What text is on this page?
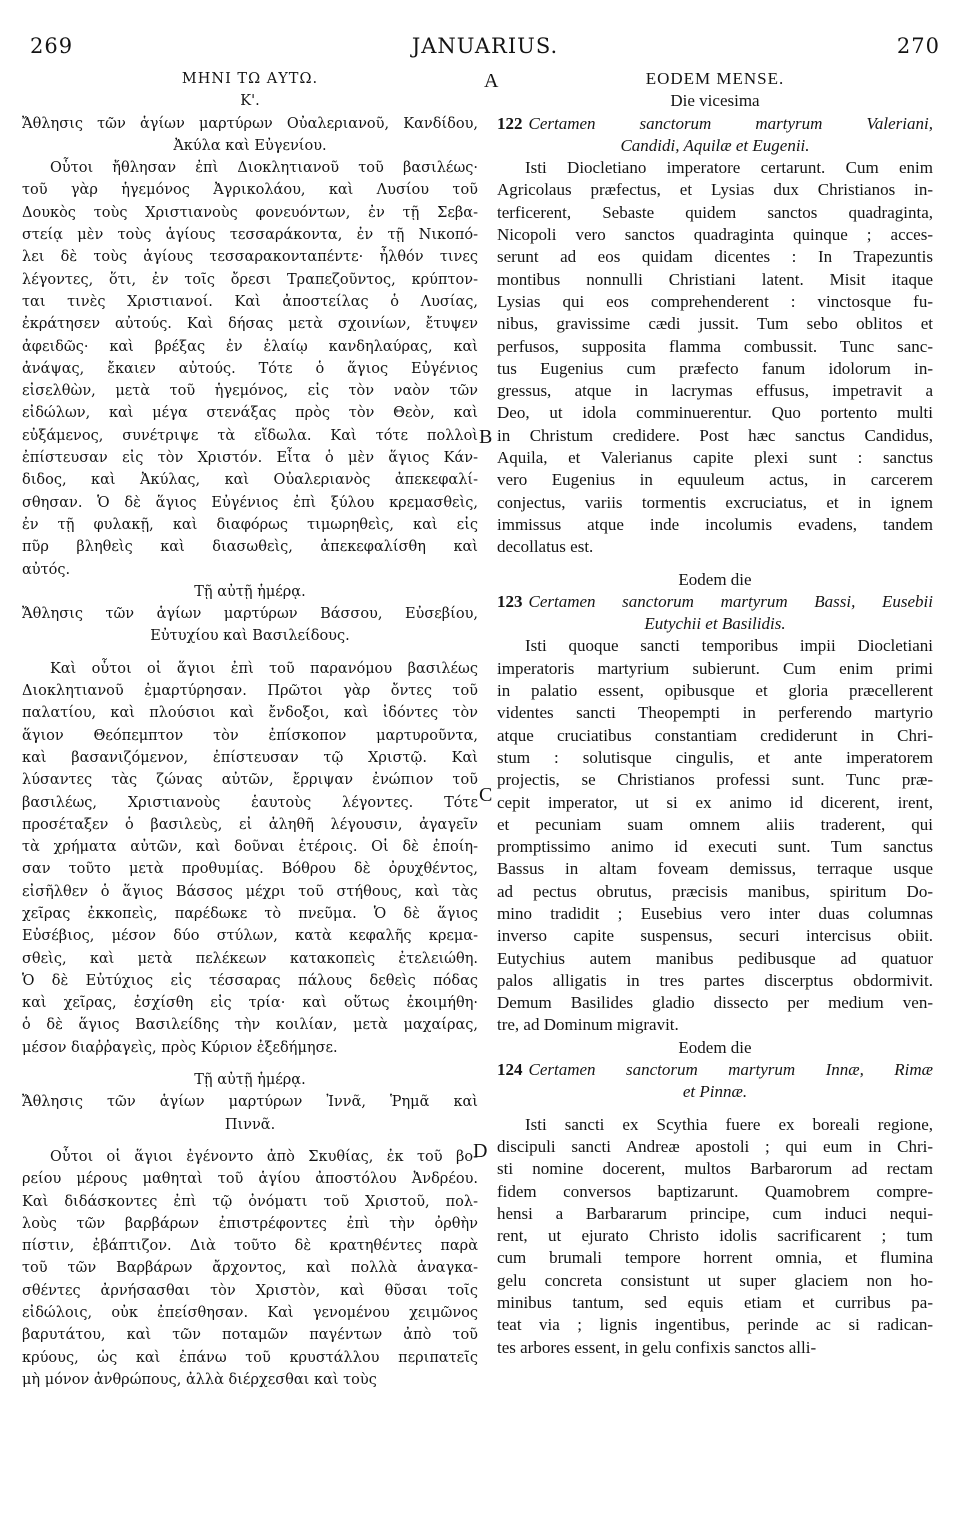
269	JANUARIUS.	270
A
B
C
D
ΜΗΝΙ ΤΩ ΑΥΤΩ.
Κ'.
Ἄθλησις τῶν ἁγίων μαρτύρων Οὐαλεριανοῦ, Κανδίδου,
Ἀκύλα καὶ Εὐγενίου.
Οὗτοι ἤθλησαν ἐπὶ Διοκλητιανοῦ τοῦ βασιλέως·
τοῦ γὰρ ἡγεμόνος Ἀγρικολάου, καὶ Λυσίου τοῦ
Δουκὸς τοὺς Χριστιανοὺς φονευόντων, ἐν τῇ Σεβα-
στείᾳ μὲν τοὺς ἁγίους τεσσαράκοντα, ἐν τῇ Νικοπό-
λει δὲ τοὺς ἁγίους τεσσαρακονταπέντε· ἦλθόν τινες
λέγοντες, ὅτι, ἐν τοῖς ὄρεσι Τραπεζοῦντος, κρύπτον-
ται τινὲς Χριστιανοί. Καὶ ἀποστείλας ὁ Λυσίας,
ἐκράτησεν αὐτούς. Καὶ δήσας μετὰ σχοινίων, ἔτυψεν
ἀφειδῶς· καὶ βρέξας ἐν ἐλαίῳ κανδηλαύρας, καὶ
ἀνάψας, ἔκαιεν αὐτούς. Τότε ὁ ἅγιος Εὐγένιος
εἰσελθὼν, μετὰ τοῦ ἡγεμόνος, εἰς τὸν ναὸν τῶν
εἰδώλων, καὶ μέγα στενάξας πρὸς τὸν Θεὸν, καὶ
εὐξάμενος, συνέτριψε τὰ εἴδωλα. Καὶ τότε πολλοὶ
ἐπίστευσαν εἰς τὸν Χριστόν. Εἶτα ὁ μὲν ἅγιος Κάν-
διδος, καὶ Ἀκύλας, καὶ Οὐαλεριανὸς ἀπεκεφαλί-
σθησαν. Ὁ δὲ ἅγιος Εὐγένιος ἐπὶ ξύλου κρεμασθεὶς,
ἐν τῇ φυλακῇ, καὶ διαφόρως τιμωρηθεὶς, καὶ εἰς
πῦρ βληθεὶς καὶ διασωθεὶς, ἀπεκεφαλίσθη καὶ
αὐτός.
Τῇ αὐτῇ ἡμέρᾳ.
Ἄθλησις τῶν ἁγίων μαρτύρων Βάσσου, Εὐσεβίου,
Εὐτυχίου καὶ Βασιλείδους.
Καὶ οὗτοι οἱ ἅγιοι ἐπὶ τοῦ παρανόμου βασιλέως
Διοκλητιανοῦ ἐμαρτύρησαν. Πρῶτοι γὰρ ὄντες τοῦ
παλατίου, καὶ πλούσιοι καὶ ἔνδοξοι, καὶ ἰδόντες τὸν
ἅγιον Θεόπεμπτον τὸν ἐπίσκοπον μαρτυροῦντα,
καὶ βασανιζόμενον, ἐπίστευσαν τῷ Χριστῷ. Καὶ
λύσαντες τὰς ζώνας αὐτῶν, ἔρριψαν ἐνώπιον τοῦ
βασιλέως, Χριστιανοὺς ἑαυτοὺς λέγοντες. Τότε
προσέταξεν ὁ βασιλεὺς, εἰ ἀληθῆ λέγουσιν, ἀγαγεῖν
τὰ χρήματα αὐτῶν, καὶ δοῦναι ἑτέροις. Οἱ δὲ ἐποίη-
σαν τοῦτο μετὰ προθυμίας. Βόθρου δὲ ὀρυχθέντος,
εἰσῆλθεν ὁ ἅγιος Βάσσος μέχρι τοῦ στήθους, καὶ τὰς
χεῖρας ἐκκοπεὶς, παρέδωκε τὸ πνεῦμα. Ὁ δὲ ἅγιος
Εὐσέβιος, μέσον δύο στύλων, κατὰ κεφαλῆς κρεμα-
σθεὶς, καὶ μετὰ πελέκεων κατακοπεὶς ἐτελειώθη.
Ὁ δὲ Εὐτύχιος εἰς τέσσαρας πάλους δεθεὶς πόδας
καὶ χεῖρας, ἐσχίσθη εἰς τρία· καὶ οὕτως ἐκοιμήθη·
ὁ δὲ ἅγιος Βασιλείδης τὴν κοιλίαν, μετὰ μαχαίρας,
μέσον διαῤῥαγεὶς, πρὸς Κύριον ἐξεδήμησε.
Τῇ αὐτῇ ἡμέρᾳ.
Ἄθλησις τῶν ἁγίων μαρτύρων Ἰννᾶ, Ῥημᾶ καὶ
Πιννᾶ.
Οὗτοι οἱ ἅγιοι ἐγένοντο ἀπὸ Σκυθίας, ἐκ τοῦ βο-
ρείου μέρους μαθηταὶ τοῦ ἁγίου ἀποστόλου Ἀνδρέου.
Καὶ διδάσκοντες ἐπὶ τῷ ὀνόματι τοῦ Χριστοῦ, πολ-
λοὺς τῶν βαρβάρων ἐπιστρέφοντες ἐπὶ τὴν ὀρθὴν
πίστιν, ἐβάπτιζον. Διὰ τοῦτο δὲ κρατηθέντες παρὰ
τοῦ τῶν Βαρβάρων ἄρχοντος, καὶ πολλὰ ἀναγκα-
σθέντες ἀρνήσασθαι τὸν Χριστὸν, καὶ θῦσαι τοῖς
εἰδώλοις, οὐκ ἐπείσθησαν. Καὶ γενομένου χειμῶνος
βαρυτάτου, καὶ τῶν ποταμῶν παγέντων ἀπὸ τοῦ
κρύους, ὡς καὶ ἐπάνω τοῦ κρυστάλλου περιπατεῖς
μὴ μόνον ἀνθρώπους, ἀλλὰ διέρχεσθαι καὶ τοὺς
EODEM MENSE.
Die vicesima
122 Certamen sanctorum martyrum Valeriani,
Candidi, Aquilæ et Eugenii.
Isti Diocletiano imperatore certarunt. Cum enim
Agricolaus præfectus, et Lysias dux Christianos in-
terficerent, Sebaste quidem sanctos quadraginta,
Nicopoli vero sanctos quadraginta quinque ; acces-
serunt ad eos quidam dicentes : In Trapezuntis
montibus nonnulli Christiani latent. Misit itaque
Lysias qui eos comprehenderent : vinctosque fu-
nibus, gravissime cædi jussit. Tum sebo oblitos et
perfusos, supposita flamma combussit. Tunc sanc-
tus Eugenius cum præfecto fanum idolorum in-
gressus, atque in lacrymas effusus, impetravit a
Deo, ut idola comminuerentur. Quo portento multi
in Christum credidere. Post hæc sanctus Candidus,
Aquila, et Valerianus capite plexi sunt : sanctus
vero Eugenius in equuleum actus, in carcerem
conjectus, variis tormentis excruciatus, et in ignem
immissus atque inde incolumis evadens, tandem
decollatus est.
Eodem die
123 Certamen sanctorum martyrum Bassi, Eusebii
Eutychii et Basilidis.
Isti quoque sancti temporibus impii Diocletiani
imperatoris martyrium subierunt. Cum enim primi
in palatio essent, opibusque et gloria præcellerent
videntes sancti Theopempti in perferendo martyrio
atque cruciatibus constantiam crediderunt in Chri-
stum : solutisque cingulis, et ante imperatorem
projectis, se Christianos professi sunt. Tunc præ-
cepit imperator, ut si ex animo id dicerent, irent,
et pecuniam suam omnem aliis traderent, qui
promptissimo animo id executi sunt. Tum sanctus
Bassus in altam foveam demissus, terraque usque
ad pectus obrutus, præcisis manibus, spiritum Do-
mino tradidit ; Eusebius vero inter duas columnas
inverso capite suspensus, securi intercisus obiit.
Eutychius autem manibus pedibusque ad quatuor
palos alligatis in tres partes discerptus obdormivit.
Demum Basilides gladio dissecto per medium ven-
tre, ad Dominum migravit.
Eodem die
124 Certamen sanctorum martyrum Innæ, Rimæ
et Pinnæ.
Isti sancti ex Scythia fuere ex boreali regione,
discipuli sancti Andreæ apostoli ; qui eum in Chri-
sti nomine docerent, multos Barbarorum ad rectam
fidem conversos baptizarunt. Quamobrem compre-
hensi a Barbararum principe, cum induci nequi-
rent, ut ejurato Christo idolis sacrificarent ; tum
cum brumali tempore horrent omnia, et flumina
gelu concreta consistunt ut super glaciem non ho-
minibus tantum, sed equis etiam et curribus pa-
teat via ; lignis ingentibus, perinde ac si radican-
tes arbores essent, in gelu confixis sanctos alli-
